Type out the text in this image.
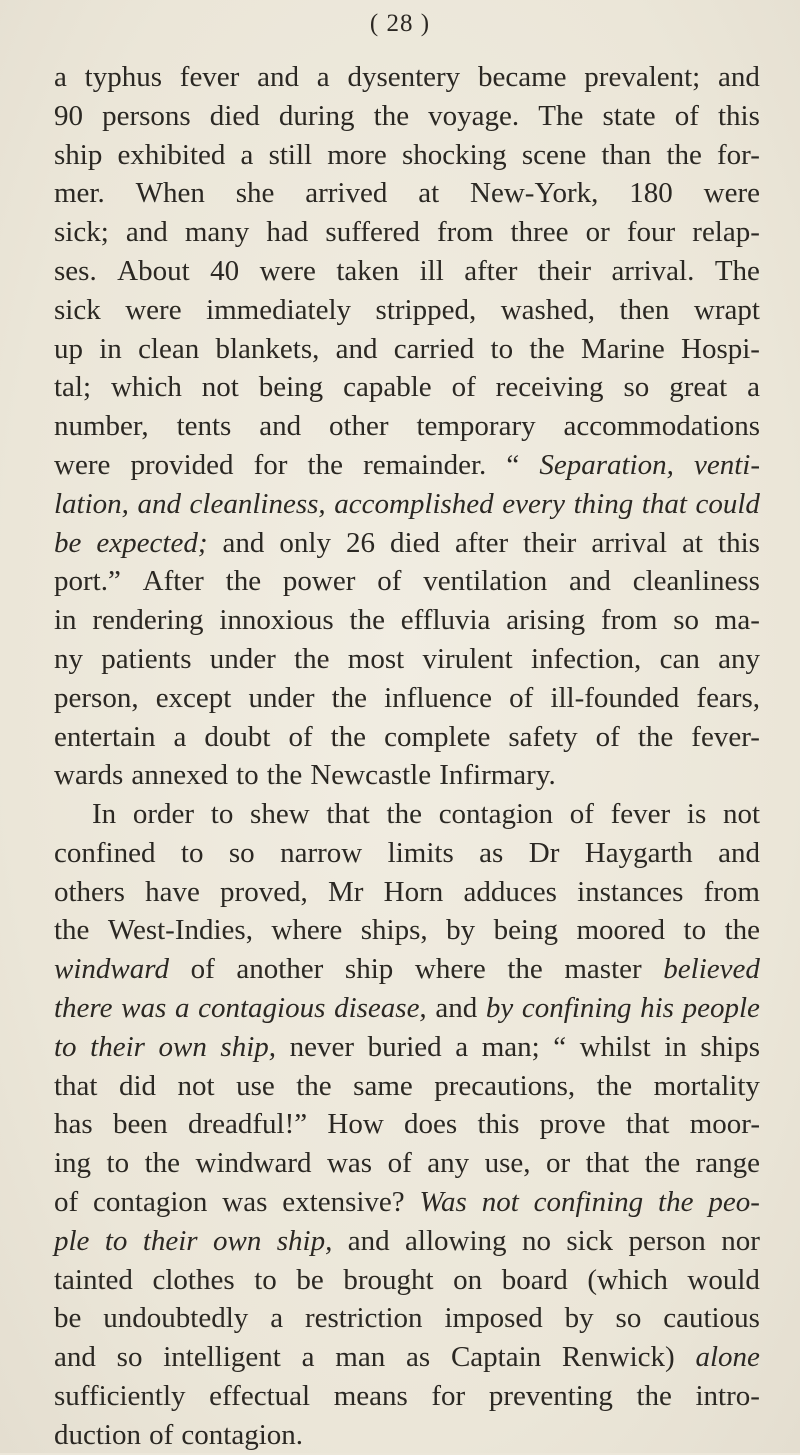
( 28 )
a typhus fever and a dysentery became prevalent; and
90 persons died during the voyage. The state of this
ship exhibited a still more shocking scene than the for-
mer. When she arrived at New-York, 180 were
sick; and many had suffered from three or four relap-
ses. About 40 were taken ill after their arrival. The
sick were immediately stripped, washed, then wrapt
up in clean blankets, and carried to the Marine Hospi-
tal; which not being capable of receiving so great a
number, tents and other temporary accommodations
were provided for the remainder. “ Separation, venti-
lation, and cleanliness, accomplished every thing that could
be expected; and only 26 died after their arrival at this
port.” After the power of ventilation and cleanliness
in rendering innoxious the effluvia arising from so ma-
ny patients under the most virulent infection, can any
person, except under the influence of ill-founded fears,
entertain a doubt of the complete safety of the fever-
wards annexed to the Newcastle Infirmary.
In order to shew that the contagion of fever is not
confined to so narrow limits as Dr Haygarth and
others have proved, Mr Horn adduces instances from
the West-Indies, where ships, by being moored to the
windward of another ship where the master believed
there was a contagious disease, and by confining his people
to their own ship, never buried a man; “ whilst in ships
that did not use the same precautions, the mortality
has been dreadful!” How does this prove that moor-
ing to the windward was of any use, or that the range
of contagion was extensive? Was not confining the peo-
ple to their own ship, and allowing no sick person nor
tainted clothes to be brought on board (which would
be undoubtedly a restriction imposed by so cautious
and so intelligent a man as Captain Renwick) alone
sufficiently effectual means for preventing the intro-
duction of contagion.
